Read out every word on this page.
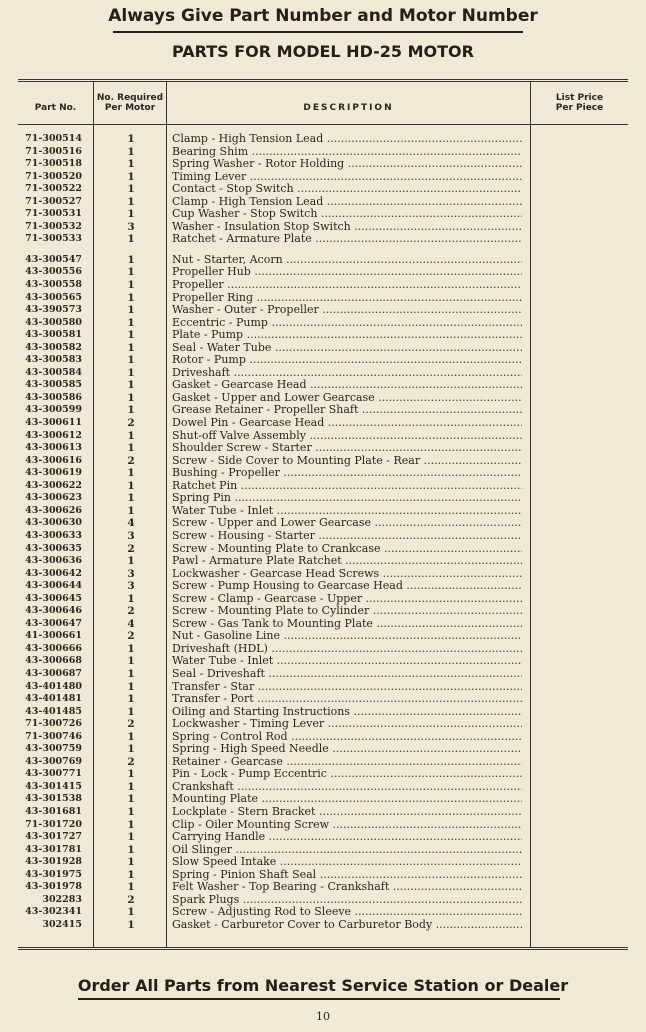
Always Give Part Number and Motor Number
PARTS FOR MODEL HD-25 MOTOR
Part No.
No. Required
Per Motor	DESCRIPTION
List Price
Per Piece
71-300514	1	Clamp - High Tension Lead .....
71-300516	1	Bearing Shim .....
71-300518	1	Spring Washer - Rotor Holding .....
71-300520	1	Timing Lever .....
71-300522	1	Contact - Stop Switch .....
71-300527	1	Clamp - High Tension Lead .....
71-300531	1	Cup Washer - Stop Switch .....
71-300532	3	Washer - Insulation Stop Switch .....
71-300533	1	Ratchet - Armature Plate .....
43-300547	1	Nut - Starter, Acorn .....
43-300556	1	Propeller Hub .....
43-300558	1	Propeller .....
43-300565	1	Propeller Ring .....
43-390573	1	Washer - Outer - Propeller .....
43-300580	1	Eccentric - Pump .....
43-300581	1	Plate - Pump .....
43-300582	1	Seal - Water Tube .....
43-300583	1	Rotor - Pump .....
43-300584	1	Driveshaft .....
43-300585	1	Gasket - Gearcase Head .....
43-300586	1	Gasket - Upper and Lower Gearcase .....
43-300599	1	Grease Retainer - Propeller Shaft .....
43-300611	2	Dowel Pin - Gearcase Head .....
43-300612	1	Shut-off Valve Assembly .....
43-300613	1	Shoulder Screw - Starter .....
43-300616	2	Screw - Side Cover to Mounting Plate - Rear .....
43-300619	1	Bushing - Propeller .....
43-300622	1	Ratchet Pin .....
43-300623	1	Spring Pin .....
43-300626	1	Water Tube - Inlet .....
43-300630	4	Screw - Upper and Lower Gearcase .....
43-300633	3	Screw - Housing - Starter .....
43-300635	2	Screw - Mounting Plate to Crankcase .....
43-300636	1	Pawl - Armature Plate Ratchet .....
43-300642	3	Lockwasher - Gearcase Head Screws .....
43-300644	3	Screw - Pump Housing to Gearcase Head .....
43-300645	1	Screw - Clamp - Gearcase - Upper .....
43-300646	2	Screw - Mounting Plate to Cylinder .....
43-300647	4	Screw - Gas Tank to Mounting Plate .....
41-300661	2	Nut - Gasoline Line .....
43-300666	1	Driveshaft (HDL) .....
43-300668	1	Water Tube - Inlet .....
43-300687	1	Seal - Driveshaft .....
43-401480	1	Transfer - Star .....
43-401481	1	Transfer - Port .....
43-401485	1	Oiling and Starting Instructions .....
71-300726	2	Lockwasher - Timing Lever .....
71-300746	1	Spring - Control Rod .....
43-300759	1	Spring - High Speed Needle .....
43-300769	2	Retainer - Gearcase .....
43-300771	1	Pin - Lock - Pump Eccentric .....
43-301415	1	Crankshaft .....
43-301538	1	Mounting Plate .....
43-301681	1	Lockplate - Stern Bracket .....
71-301720	1	Clip - Oiler Mounting Screw .....
43-301727	1	Carrying Handle .....
43-301781	1	Oil Slinger .....
43-301928	1	Slow Speed Intake .....
43-301975	1	Spring - Pinion Shaft Seal .....
43-301978	1	Felt Washer - Top Bearing - Crankshaft .....
302283	2	Spark Plugs .....
43-302341	1	Screw - Adjusting Rod to Sleeve .....
302415	1	Gasket - Carburetor Cover to Carburetor Body .....
Order All Parts from Nearest Service Station or Dealer
10
